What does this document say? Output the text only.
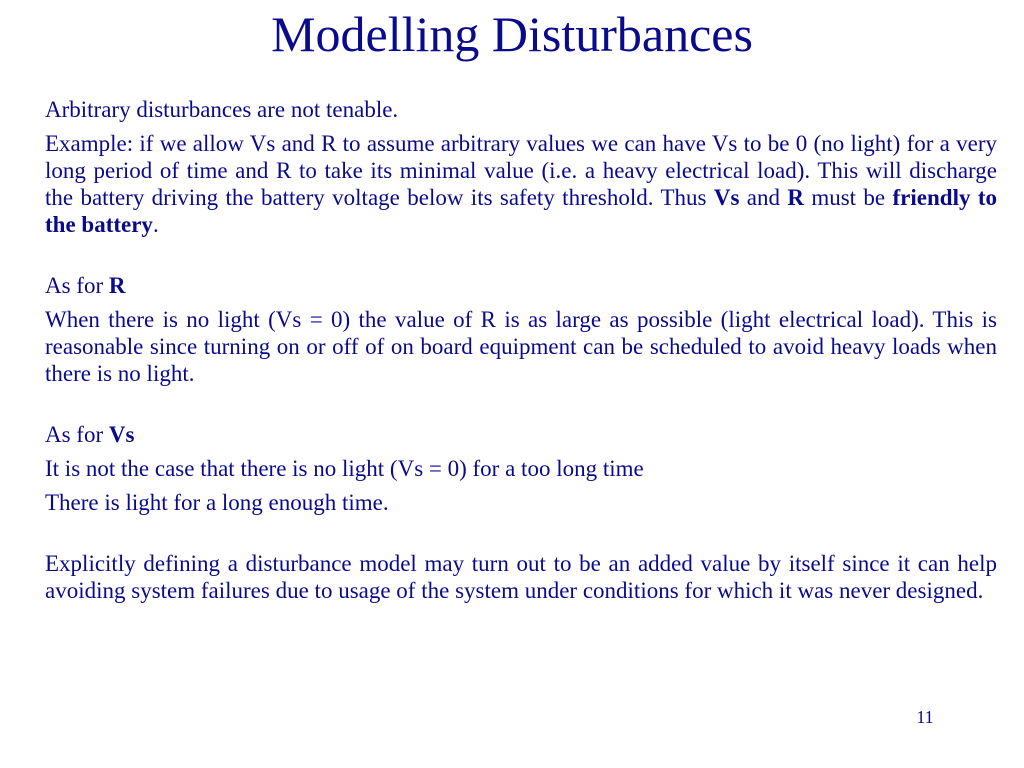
Modelling Disturbances

Arbitrary disturbances are not tenable.

Example: if we allow Vs and R to assume arbitrary values we can have Vs to be 0 (no light) for a very long period of time and R to take its minimal value (i.e. a heavy electrical load). This will discharge the battery driving the battery voltage below its safety threshold. Thus Vs and R must be friendly to the battery.

As for R

When there is no light (Vs = 0) the value of R is as large as possible (light electrical load). This is reasonable since turning on or off of on board equipment can be scheduled to avoid heavy loads when there is no light.

As for Vs

It is not the case that there is no light (Vs = 0) for a too long time

There is light for a long enough time.

Explicitly defining a disturbance model may turn out to be an added value by itself since it can help avoiding system failures due to usage of the system under conditions for which it was never designed.

11
